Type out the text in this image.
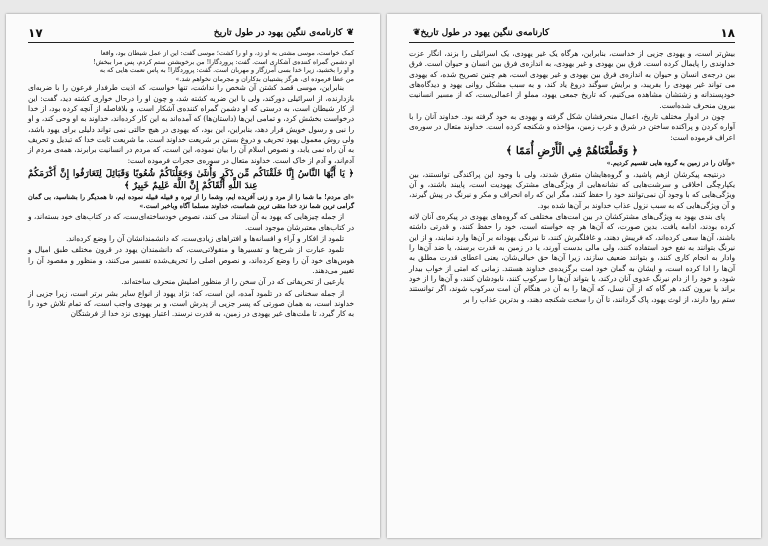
❦کارنامه‌ی ننگین یهود در طول تاریخ
۱۷
کمک خواست، موسی مشتی به او زد، و او را کشت؛ موسی گفت: این از عمل شیطان بود، واقعا
او دشمن گمراه کننده‌ی آشکاری است. گفت: پروردگارا! من برخویشتن ستم کردم، پس مرا ببخش!
و او را بخشید، زیرا خدا بسی آمرزگار و مهربان است. گفت: پروردگارا! به پاس نعمت هایی که به
من عطا فرموده ای، هرگز پشتیبان بدکاران و مجرمان نخواهم شد.»

بنابراین، موسی قصد کشتن آن شخص را نداشت، تنها خواست، که اذیت طرفدار فرعون را با ضربه‌ای بازدارنده، از اسرائیلی دورکند، ولی با این ضربه کشته شد، و چون او را درحال خواری کشته دید، گفت: این از کار شیطان است، به درستی که او دشمن گمراه کننده‌ی آشکار است، و بلافاصله از آنچه کرده بود، از خدا درخواست بخشش کرد، و تمامی این‌ها (داستان‌ها) که آمده‌اند به این کار کرده‌اند، خداوند به او وحی کند، و او را نبی و رسول خویش قرار دهد، بنابراین، این بود، که یهودی در هیچ حالتی نمی تواند دلیلی برای یهود باشد، ولی روش معمول یهود تحریف و دروغ بستن بر شریعت خداوند است. ما شریعت ثابت خدا که تبدیل و تحریف به آن راه نمی یابد، و نصوص اسلام آن را بیان نموده، این است، که مردم در انسانیت برابرند، همه‌ی مردم از آدم‌اند، و آدم از خاک است. خداوند متعال در سوره‌ی حجرات فرموده است:

﴿ يَا أَيُّهَا النَّاسُ إِنَّا خَلَقْنَاكُم مِّن ذَكَرٍ وَأُنثَىٰ وَجَعَلْنَاكُمْ شُعُوبًا وَقَبَائِلَ لِتَعَارَفُوا إِنَّ أَكْرَمَكُمْ عِندَ اللَّهِ أَتْقَاكُمْ إِنَّ اللَّهَ عَلِيمٌ خَبِيرٌ ﴾
«ای مردم! ما شما را از مرد و زنی آفریده ایم، وشما را از تیره و قبیله قبیله نموده ایم، تا همدیگر را بشناسید، بی گمان گرامی ترین شما نزد خدا متقی ترین شماست، خداوند مسلما آگاه وباخبر است.»

از جمله چیزهایی که یهود به آن استناد می کنند، نصوص خودساخته‌ای‌ست، که در کتاب‌های خود بسته‌اند، و در کتاب‌های معتبرشان موجود است.

تلمود از افکار و آراء و افسانه‌ها و افتراهای زیادی‌ست، که دانشمندانشان آن را وضع کرده‌اند.

تلمود عبارت از شرح‌ها و تفسیرها و منقولاتی‌ست، که دانشمندان یهود در قرون مختلف طبق امیال و هوس‌های خود آن را وضع کرده‌اند، و نصوص اصلی را تحریف‌شده تفسیر می‌کنند، و منظور و مقصود آن را تغییر می‌دهند.

یارعیی از تحریفاتی که در آن سخن را از منظور اصلیش منحرف ساخته‌اند.

از جمله سخنانی که در تلمود آمده، این است، که: نژاد یهود از انواع سایر بشر برتر است، زیرا جزیی از خداوند است، به همان صورتی که پسر جزیی از پدرش است، و بر یهودی واجب است، که تمام تلاش خود را به کار گیرد، تا ملت‌های غیر یهودی در زمین، به قدرت نرسند. اعتبار یهودی نزد خدا از فرشتگان

۱۸
کارنامه‌ی ننگین یهود در طول تاریخ❦

بیش‌تر است، و یهودی جزیی از خداست، بنابراین، هرگاه یک غیر یهودی، یک اسرائیلی را بزند، انگار عزت خداوندی را پایمال کرده است. فرق بین یهودی و غیر یهودی، به اندازه‌ی فرق بین انسان و حیوان است. فرق بین درجه‌ی انسان و حیوان به اندازه‌ی فرق بین یهودی و غیر یهودی است، هم چنین تصریح شده، که یهودی می تواند غیر یهودی را بفریبد، و برایش سوگند دروغ یاد کند، و به سبب مشکل روانی یهود و دیدگاه‌های خودپسندانه و زشتشان مشاهده می‌کنیم، که تاریخ جمعی یهود، مملو از اعمالی‌ست، که از مسیر انسانیت بیرون منحرف شده‌است.

چون در ادوار مختلف تاریخ، اعمال منحرفشان شکل گرفته و یهودی به خود گرفته بود. خداوند آنان را با آواره کردن و پراکنده ساختن در شرق و غرب زمین، مؤاخذه و شکنجه کرده است. خداوند متعال در سوره‌ی اعراف فرموده است:

﴿ وَقَطَّعْنَاهُمْ فِي الْأَرْضِ أُمَمًا ﴾
«وآنان را در زمین به گروه هایی تقسیم کردیم.»

درنتیجه پیکرشان ازهم پاشید، و گروه‌هایشان متفرق شدند، ولی با وجود این پراکندگی توانستند، بین یکپارچگی اخلاقی و سرشت‌هایی که نشانه‌هایی از ویژگی‌های مشترک یهودیت است، پایبند باشند، و آن ویژگی‌هایی که با وجود آن نمی‌توانند خود را حفظ کنند، مگر این که راه انحراف و مکر و نیرنگ در پیش گیرند، و آن ویژگی‌هایی که به سبب نزول عذاب خداوند بر آن‌ها شده بود.

پای بندی یهود به ویژگی‌های مشترکشان در بین امت‌های مختلفی که گروه‌های یهودی در پیکره‌ی آنان لانه کرده بودند، ادامه یافت. بدین صورت، که آن‌ها هر چه خواسته است، خود را حفظ کنند، و قدرتی داشته باشند، آن‌ها سعی کرده‌اند، که فریبش دهند، و غافلگیرش کنند، تا نیرنگی یهودانه بر آن‌ها وارد نمایند، و از این نیرنگ بتوانند به نفع خود استفاده کنند، ولی مالی بدست آورند، یا در زمین به قدرت برسند، یا ضد آن‌ها را وادار به انجام کاری کنند، و بتوانند ضعیف سازند، زیرا آن‌ها حق خیالی‌شان، یعنی اعطای قدرت مطلق به آن‌ها را ادا کرده است، و ایشان به گمان خود امت برگزیده‌ی خداوند هستند. زمانی که امتی از خواب بیدار شود، و خود را از دام نیرنگ عدوی آنان درکند، یا بتواند آن‌ها را سرکوب کنند، نابودشان کنند، و آن‌ها را از خود براند یا بیرون کند، هر گاه که از آن نسل، که آن‌ها را به آن در هنگام آن امت سرکوب شوند، اگر توانستند ستم روا دارند، از لوث یهود، پاک گردانند، تا آن را سخت شکنجه دهند، و بدترین عذاب را بر
